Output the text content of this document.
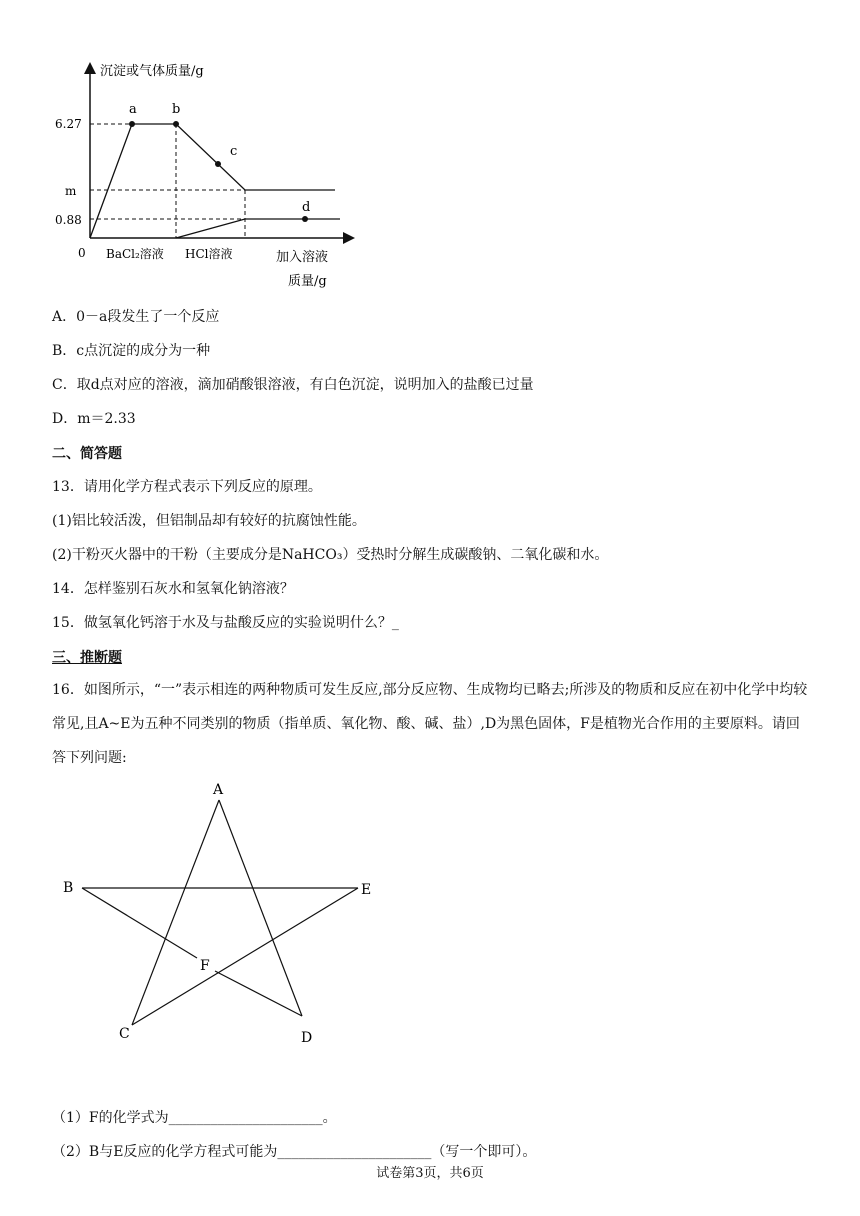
沉淀或气体质量/g
6.27
m
0.88
0
a	b
c
d
BaCl₂溶液 HCl溶液	加入溶液
质量/g
A．0－a段发生了一个反应
B．c点沉淀的成分为一种
C．取d点对应的溶液，滴加硝酸银溶液，有白色沉淀，说明加入的盐酸已过量
D．m＝2.33
二、简答题
13．请用化学方程式表示下列反应的原理。
(1)铝比较活泼，但铝制品却有较好的抗腐蚀性能。
(2)干粉灭火器中的干粉（主要成分是NaHCO₃）受热时分解生成碳酸钠、二氧化碳和水。
14．怎样鉴别石灰水和氢氧化钠溶液？
15．做氢氧化钙溶于水及与盐酸反应的实验说明什么？_
三、推断题
16．如图所示，“一”表示相连的两种物质可发生反应,部分反应物、生成物均已略去;所涉及的物质和反应在初中化学中均较常见,且A~E为五种不同类别的物质（指单质、氧化物、酸、碱、盐）,D为黑色固体，F是植物光合作用的主要原料。请回答下列问题:
A
B	E
F
C	D
（1）F的化学式为______________________。
（2）B与E反应的化学方程式可能为______________________（写一个即可）。
试卷第3页，共6页
